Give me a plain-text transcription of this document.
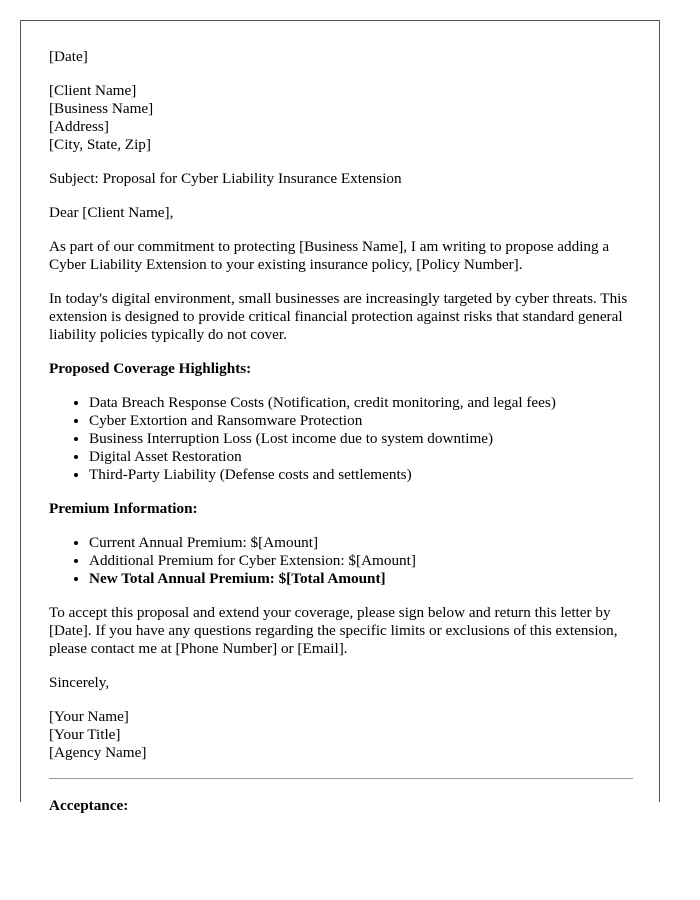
[Date]

[Client Name]

[Business Name]

[Address]

[City, State, Zip]

Subject: Proposal for Cyber Liability Insurance Extension

Dear [Client Name],

As part of our commitment to protecting [Business Name], I am writing to propose adding a Cyber Liability Extension to your existing insurance policy, [Policy Number].

In today's digital environment, small businesses are increasingly targeted by cyber threats. This extension is designed to provide critical financial protection against risks that standard general liability policies typically do not cover.

Proposed Coverage Highlights:

• Data Breach Response Costs (Notification, credit monitoring, and legal fees)
• Cyber Extortion and Ransomware Protection
• Business Interruption Loss (Lost income due to system downtime)
• Digital Asset Restoration
• Third-Party Liability (Defense costs and settlements)

Premium Information:

• Current Annual Premium: $[Amount]
• Additional Premium for Cyber Extension: $[Amount]
• New Total Annual Premium: $[Total Amount]

To accept this proposal and extend your coverage, please sign below and return this letter by [Date]. If you have any questions regarding the specific limits or exclusions of this extension, please contact me at [Phone Number] or [Email].

Sincerely,

[Your Name]

[Your Title]

[Agency Name]

Acceptance:
